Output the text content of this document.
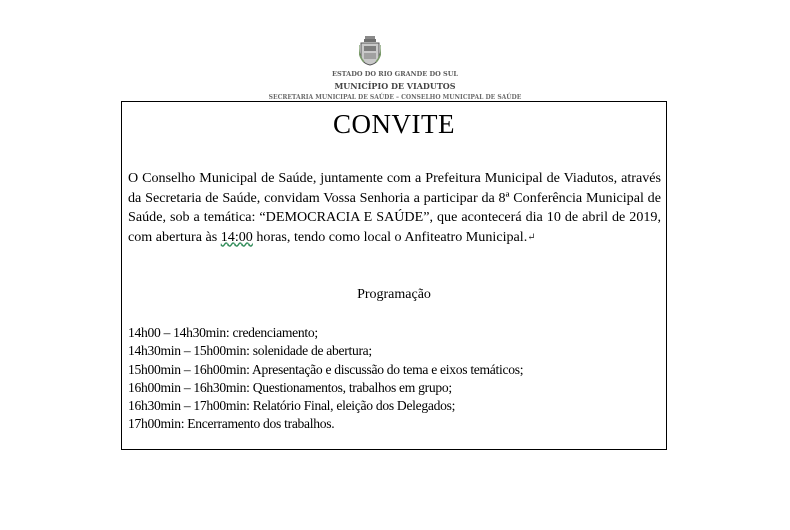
ESTADO DO RIO GRANDE DO SUL
MUNICÍPIO DE VIADUTOS
SECRETARIA MUNICIPAL DE SAÚDE – CONSELHO MUNICIPAL DE SAÚDE
CONVITE
O Conselho Municipal de Saúde, juntamente com a Prefeitura Municipal de Viadutos, através da Secretaria de Saúde, convidam Vossa Senhoria a participar da 8ª Conferência Municipal de Saúde, sob a temática: “DEMOCRACIA E SAÚDE”, que acontecerá dia 10 de abril de 2019, com abertura às 14:00 horas, tendo como local o Anfiteatro Municipal.↵
Programação
14h00 – 14h30min: credenciamento;
14h30min – 15h00min: solenidade de abertura;
15h00min – 16h00min: Apresentação e discussão do tema e eixos temáticos;
16h00min – 16h30min: Questionamentos, trabalhos em grupo;
16h30min – 17h00min: Relatório Final, eleição dos Delegados;
17h00min: Encerramento dos trabalhos.
